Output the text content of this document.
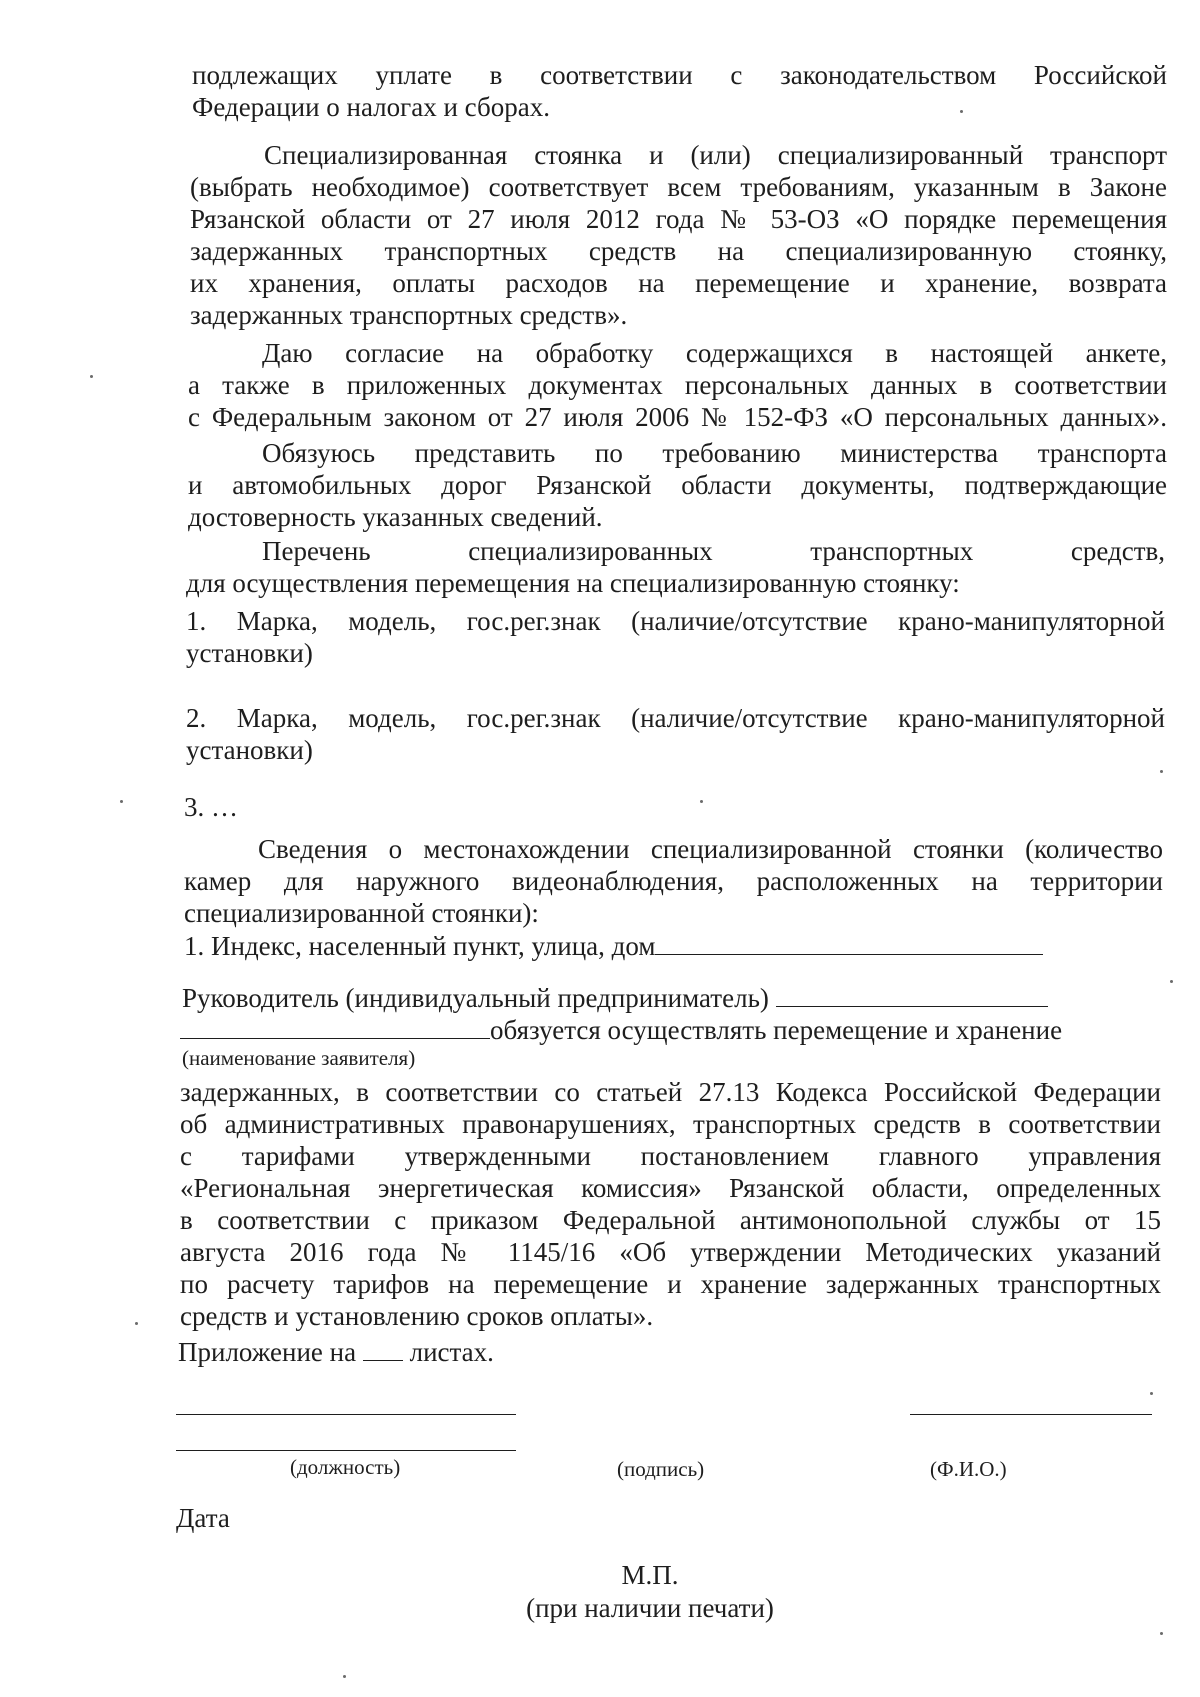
подлежащих уплате в соответствии с законодательством Российской
Федерации о налогах и сборах.
Специализированная стоянка и (или) специализированный транспорт
(выбрать необходимое) соответствует всем требованиям, указанным в Законе
Рязанской области от 27 июля 2012 года № 53-ОЗ «О порядке перемещения
задержанных транспортных средств на специализированную стоянку,
их хранения, оплаты расходов на перемещение и хранение, возврата
задержанных транспортных средств».
Даю согласие на обработку содержащихся в настоящей анкете,
а также в приложенных документах персональных данных в соответствии
с Федеральным законом от 27 июля 2006 № 152-ФЗ «О персональных данных».
Обязуюсь представить по требованию министерства транспорта
и автомобильных дорог Рязанской области документы, подтверждающие
достоверность указанных сведений.
Перечень специализированных транспортных средств,
для осуществления перемещения на специализированную стоянку:
1. Марка, модель, гос.рег.знак (наличие/отсутствие крано-манипуляторной
установки)
2. Марка, модель, гос.рег.знак (наличие/отсутствие крано-манипуляторной
установки)
3. …
Сведения о местонахождении специализированной стоянки (количество
камер для наружного видеонаблюдения, расположенных на территории
специализированной стоянки):
1. Индекс, населенный пункт, улица, дом
Руководитель (индивидуальный предприниматель)
обязуется осуществлять перемещение и хранение
(наименование заявителя)
задержанных, в соответствии со статьей 27.13 Кодекса Российской Федерации
об административных правонарушениях, транспортных средств в соответствии
с тарифами утвержденными постановлением главного управления
«Региональная энергетическая комиссия» Рязанской области, определенных
в соответствии с приказом Федеральной антимонопольной службы от 15
августа 2016 года № 1145/16 «Об утверждении Методических указаний
по расчету тарифов на перемещение и хранение задержанных транспортных
средств и установлению сроков оплаты».
Приложение на листах.
(должность)	(подпись)	(Ф.И.О.)
Дата
М.П.
(при наличии печати)
